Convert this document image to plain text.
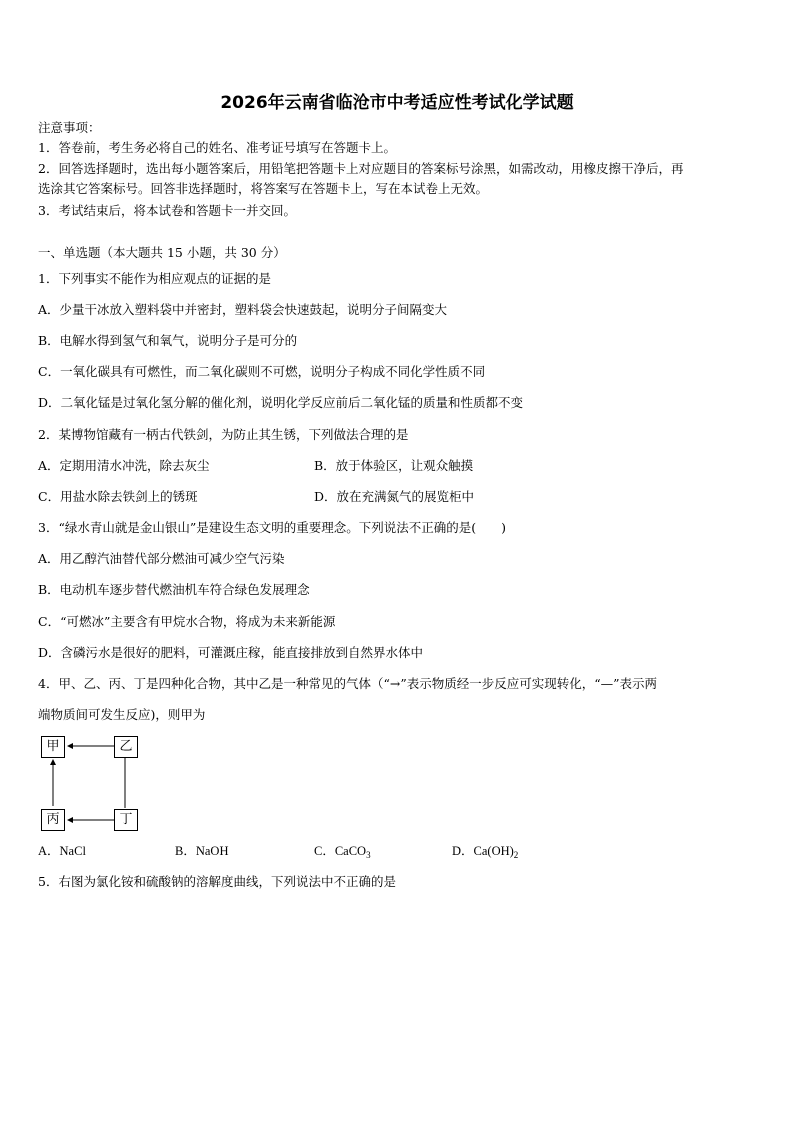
2026年云南省临沧市中考适应性考试化学试题
注意事项：
1．答卷前，考生务必将自己的姓名、准考证号填写在答题卡上。
2．回答选择题时，选出每小题答案后，用铅笔把答题卡上对应题目的答案标号涂黑，如需改动，用橡皮擦干净后，再
选涂其它答案标号。回答非选择题时，将答案写在答题卡上，写在本试卷上无效。
3．考试结束后，将本试卷和答题卡一并交回。
一、单选题（本大题共 15 小题，共 30 分）
1．下列事实不能作为相应观点的证据的是
A．少量干冰放入塑料袋中并密封，塑料袋会快速鼓起，说明分子间隔变大
B．电解水得到氢气和氧气，说明分子是可分的
C．一氧化碳具有可燃性，而二氧化碳则不可燃，说明分子构成不同化学性质不同
D．二氧化锰是过氧化氢分解的催化剂，说明化学反应前后二氧化锰的质量和性质都不变
2．某博物馆藏有一柄古代铁剑，为防止其生锈，下列做法合理的是
A．定期用清水冲洗，除去灰尘	B．放于体验区，让观众触摸
C．用盐水除去铁剑上的锈斑	D．放在充满氮气的展览柜中
3．“绿水青山就是金山银山”是建设生态文明的重要理念。下列说法不正确的是(　　)
A．用乙醇汽油替代部分燃油可减少空气污染
B．电动机车逐步替代燃油机车符合绿色发展理念
C．“可燃冰”主要含有甲烷水合物，将成为未来新能源
D．含磷污水是很好的肥料，可灌溉庄稼，能直接排放到自然界水体中
4．甲、乙、丙、丁是四种化合物，其中乙是一种常见的气体（“→”表示物质经一步反应可实现转化，“—”表示两
端物质间可发生反应)，则甲为
甲	乙
丙	丁
A．NaCl	B．NaOH	C．CaCO$_3$	D．$Ca(OH)_2$
5．右图为氯化铵和硫酸钠的溶解度曲线，下列说法中不正确的是
